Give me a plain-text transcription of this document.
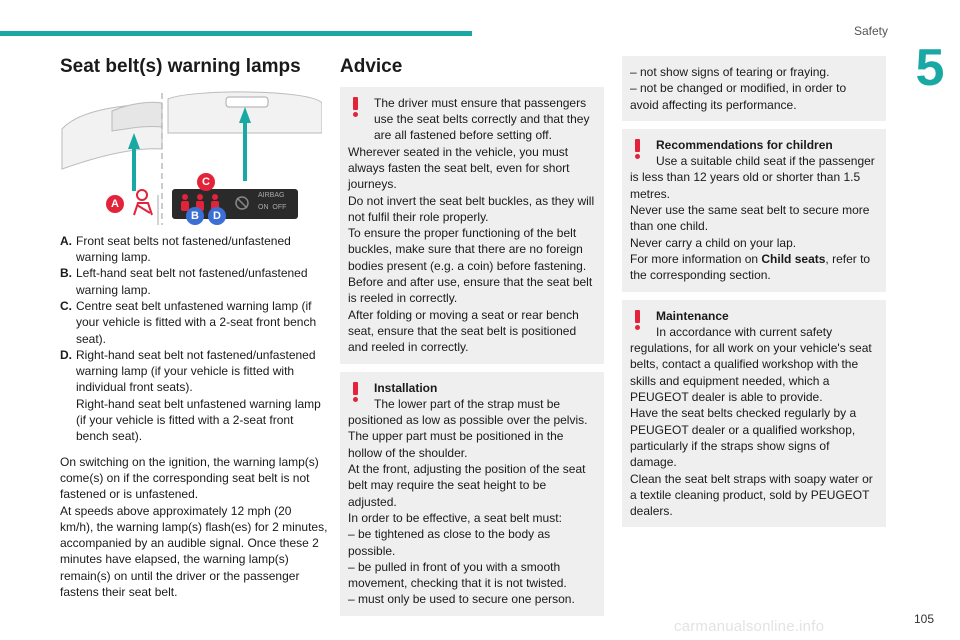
Safety
5
Seat belt(s) warning lamps
AIRBAG
ON  OFF
A
B
C
D
A. Front seat belts not fastened/unfastened warning lamp.
B. Left-hand seat belt not fastened/unfastened warning lamp.
C. Centre seat belt unfastened warning lamp (if your vehicle is fitted with a 2-seat front bench seat).
D. Right-hand seat belt not fastened/unfastened warning lamp (if your vehicle is fitted with individual front seats).
Right-hand seat belt unfastened warning lamp (if your vehicle is fitted with a 2-seat front bench seat).

On switching on the ignition, the warning lamp(s) come(s) on if the corresponding seat belt is not fastened or is unfastened.

At speeds above approximately 12 mph (20 km/h), the warning lamp(s) flash(es) for 2 minutes, accompanied by an audible signal. Once these 2 minutes have elapsed, the warning lamp(s) remain(s) on until the driver or the passenger fastens their seat belt.

Advice

The driver must ensure that passengers use the seat belts correctly and that they are all fastened before setting off.

Wherever seated in the vehicle, you must always fasten the seat belt, even for short journeys.

Do not invert the seat belt buckles, as they will not fulfil their role properly.

To ensure the proper functioning of the belt buckles, make sure that there are no foreign bodies present (e.g. a coin) before fastening.

Before and after use, ensure that the seat belt is reeled in correctly.

After folding or moving a seat or rear bench seat, ensure that the seat belt is positioned and reeled in correctly.

Installation

The lower part of the strap must be positioned as low as possible over the pelvis.

The upper part must be positioned in the hollow of the shoulder.

At the front, adjusting the position of the seat belt may require the seat height to be adjusted.

In order to be effective, a seat belt must:

– be tightened as close to the body as possible.

– be pulled in front of you with a smooth movement, checking that it is not twisted.

– must only be used to secure one person.

– not show signs of tearing or fraying.

– not be changed or modified, in order to avoid affecting its performance.

Recommendations for children

Use a suitable child seat if the passenger is less than 12 years old or shorter than 1.5 metres.

Never use the same seat belt to secure more than one child.

Never carry a child on your lap.

For more information on Child seats, refer to the corresponding section.

Maintenance

In accordance with current safety regulations, for all work on your vehicle's seat belts, contact a qualified workshop with the skills and equipment needed, which a PEUGEOT dealer is able to provide.

Have the seat belts checked regularly by a PEUGEOT dealer or a qualified workshop, particularly if the straps show signs of damage.

Clean the seat belt straps with soapy water or a textile cleaning product, sold by PEUGEOT dealers.

105
carmanualsonline.info
